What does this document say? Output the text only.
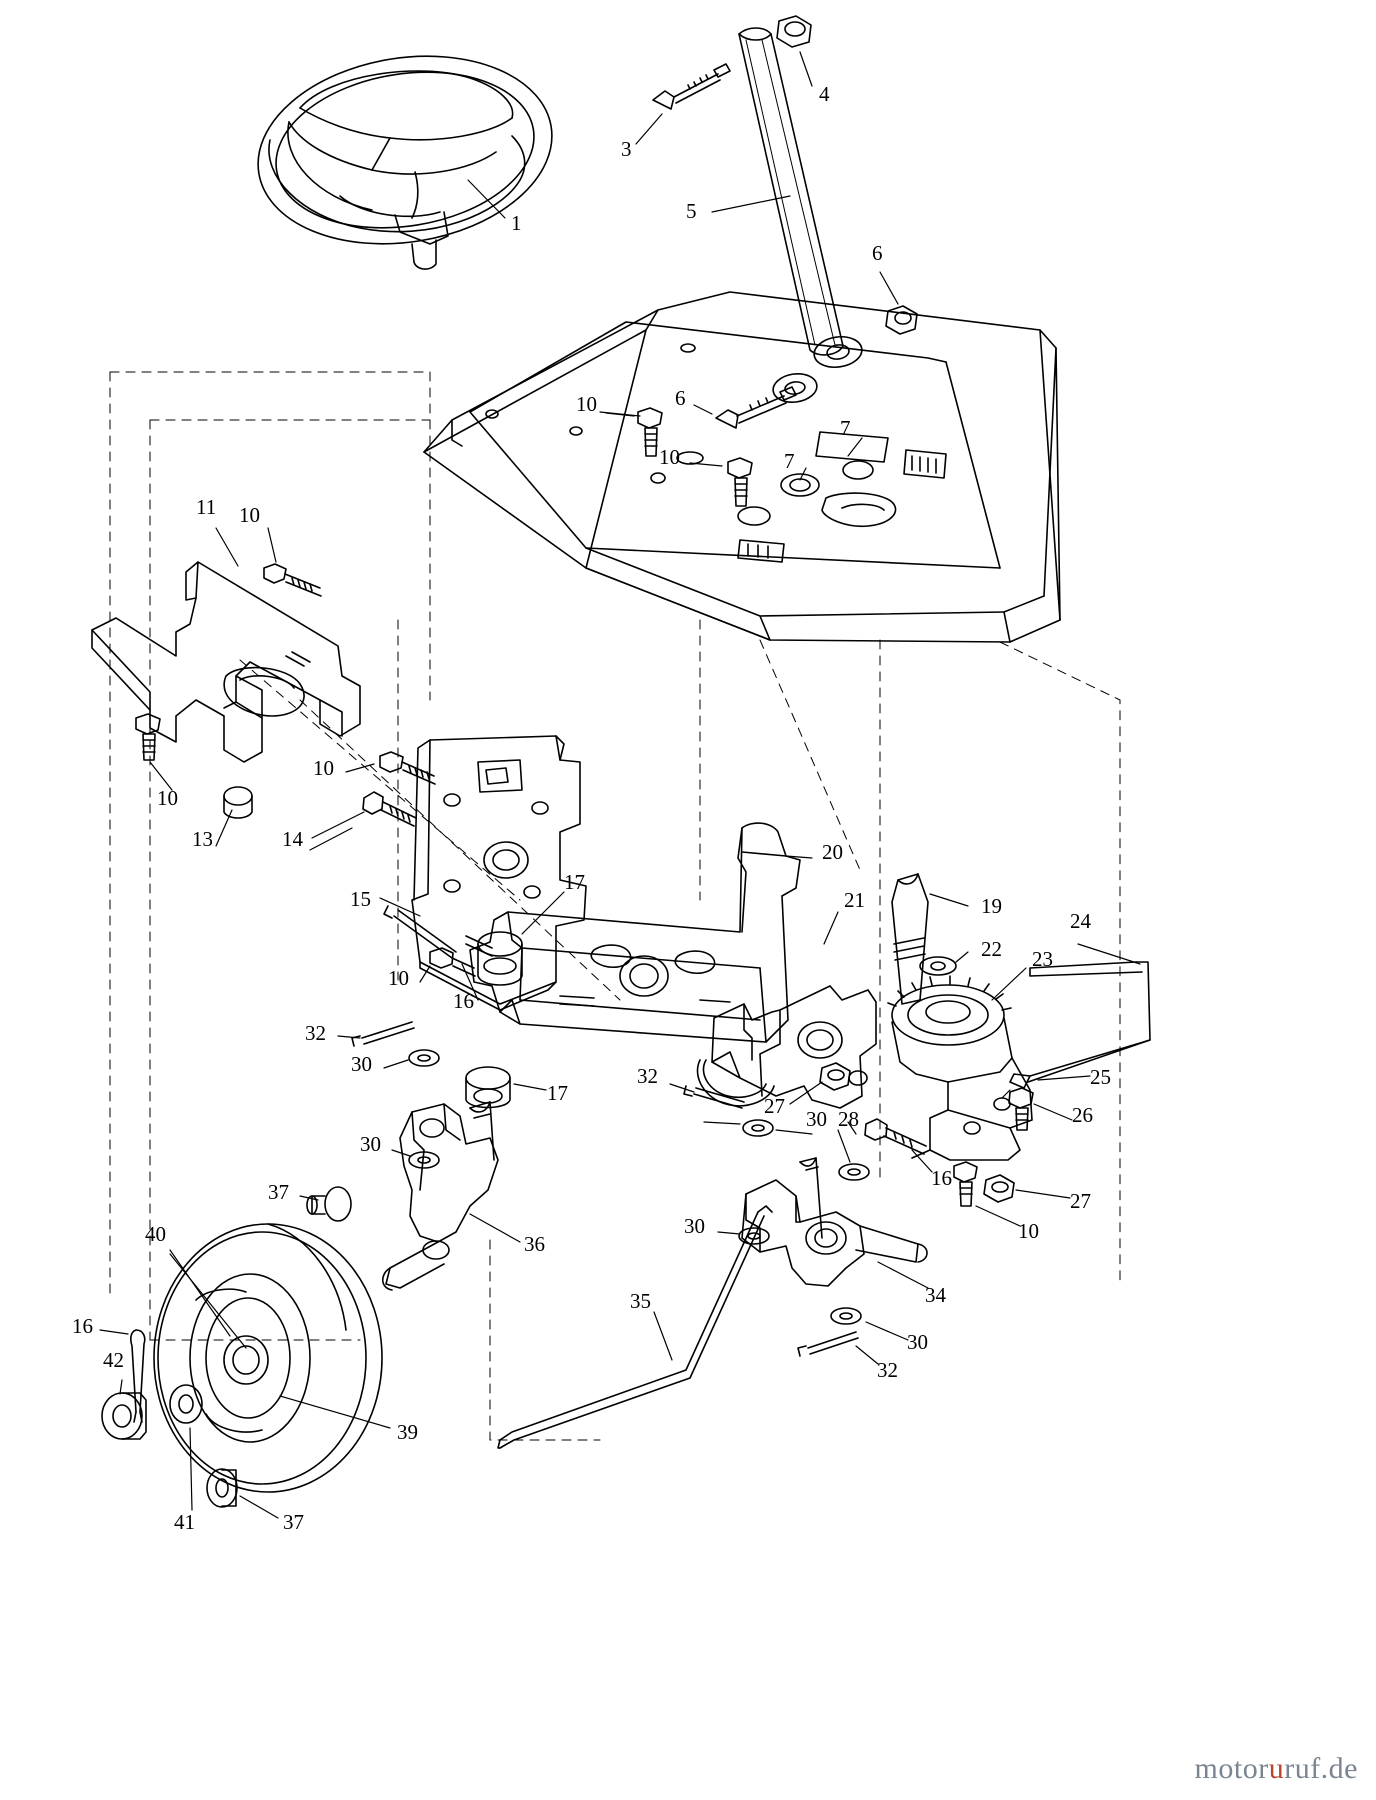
1
3
4
5
6
6
7
7
10
10
11 10
10
13
10
14
15
17
20
21	19
22 23
24
10
16
32
30	32
27
30 28
25
26
16
27
10
17
30
37
36
30
34
35
30
32
40
16
42
39
41	37
motoruruf.de
